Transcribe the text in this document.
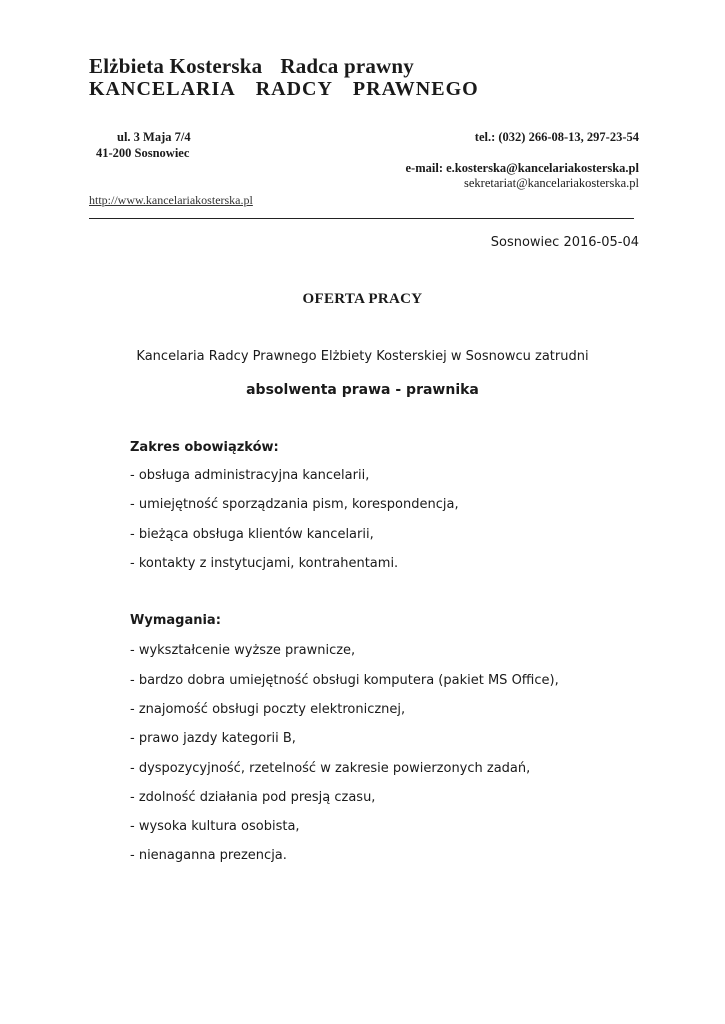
Elżbieta Kosterska Radca prawny
KANCELARIA RADCY PRAWNEGO
ul. 3 Maja 7/4
41-200 Sosnowiec
tel.: (032) 266-08-13, 297-23-54
e-mail: e.kosterska@kancelariakosterska.pl
sekretariat@kancelariakosterska.pl
http://www.kancelariakosterska.pl
Sosnowiec 2016-05-04
OFERTA PRACY
Kancelaria Radcy Prawnego Elżbiety Kosterskiej w Sosnowcu zatrudni
absolwenta prawa - prawnika
Zakres obowiązków:
- obsługa administracyjna kancelarii,
- umiejętność sporządzania pism, korespondencja,
- bieżąca obsługa klientów kancelarii,
- kontakty z instytucjami, kontrahentami.
Wymagania:
- wykształcenie wyższe prawnicze,
- bardzo dobra umiejętność obsługi komputera (pakiet MS Office),
- znajomość obsługi poczty elektronicznej,
- prawo jazdy kategorii B,
- dyspozycyjność, rzetelność w zakresie powierzonych zadań,
- zdolność działania pod presją czasu,
- wysoka kultura osobista,
- nienaganna prezencja.
